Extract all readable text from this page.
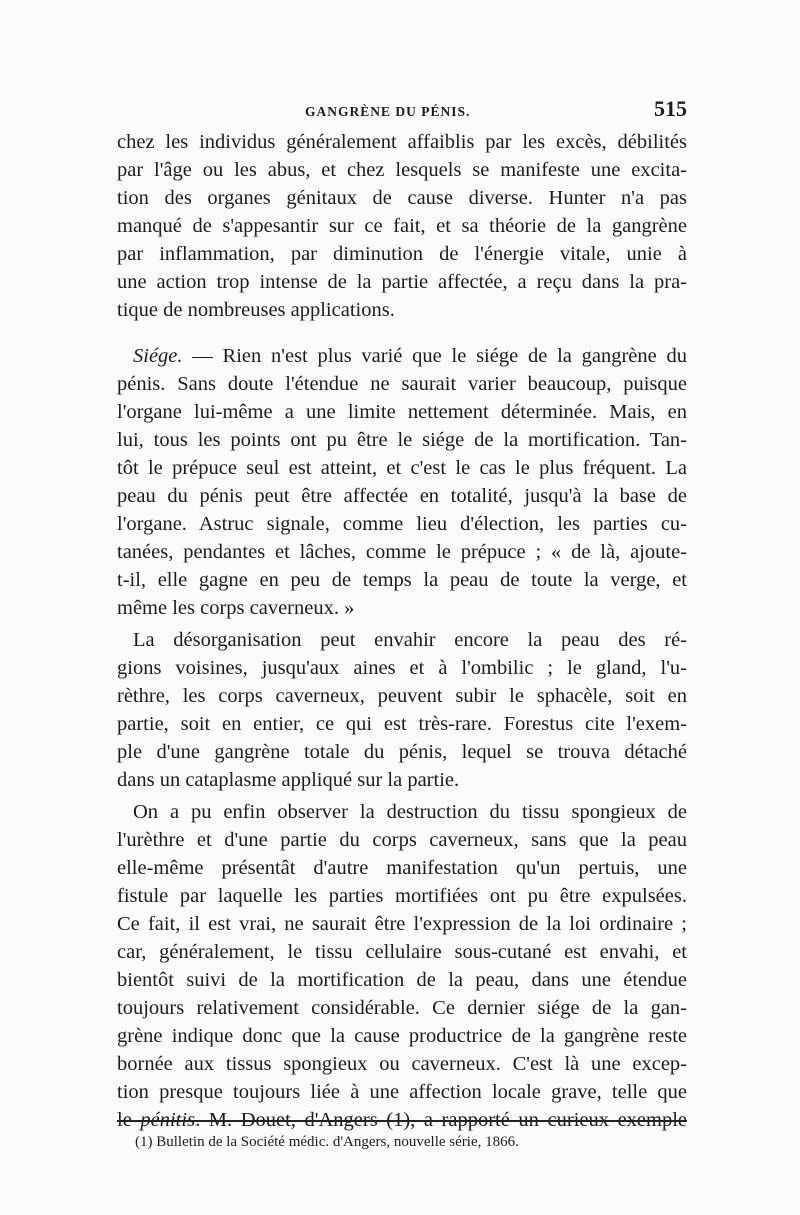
GANGRÈNE DU PÉNIS.	515
chez les individus généralement affaiblis par les excès, débilités
par l'âge ou les abus, et chez lesquels se manifeste une excita-
tion des organes génitaux de cause diverse. Hunter n'a pas
manqué de s'appesantir sur ce fait, et sa théorie de la gangrène
par inflammation, par diminution de l'énergie vitale, unie à
une action trop intense de la partie affectée, a reçu dans la pra-
tique de nombreuses applications.
Siége. — Rien n'est plus varié que le siége de la gangrène du
pénis. Sans doute l'étendue ne saurait varier beaucoup, puisque
l'organe lui-même a une limite nettement déterminée. Mais, en
lui, tous les points ont pu être le siége de la mortification. Tan-
tôt le prépuce seul est atteint, et c'est le cas le plus fréquent. La
peau du pénis peut être affectée en totalité, jusqu'à la base de
l'organe. Astruc signale, comme lieu d'élection, les parties cu-
tanées, pendantes et lâches, comme le prépuce ; « de là, ajoute-
t-il, elle gagne en peu de temps la peau de toute la verge, et
même les corps caverneux. »
La désorganisation peut envahir encore la peau des ré-
gions voisines, jusqu'aux aines et à l'ombilic ; le gland, l'u-
rèthre, les corps caverneux, peuvent subir le sphacèle, soit en
partie, soit en entier, ce qui est très-rare. Forestus cite l'exem-
ple d'une gangrène totale du pénis, lequel se trouva détaché
dans un cataplasme appliqué sur la partie.
On a pu enfin observer la destruction du tissu spongieux de
l'urèthre et d'une partie du corps caverneux, sans que la peau
elle-même présentât d'autre manifestation qu'un pertuis, une
fistule par laquelle les parties mortifiées ont pu être expulsées.
Ce fait, il est vrai, ne saurait être l'expression de la loi ordinaire ;
car, généralement, le tissu cellulaire sous-cutané est envahi, et
bientôt suivi de la mortification de la peau, dans une étendue
toujours relativement considérable. Ce dernier siége de la gan-
grène indique donc que la cause productrice de la gangrène reste
bornée aux tissus spongieux ou caverneux. C'est là une excep-
tion presque toujours liée à une affection locale grave, telle que
le pénitis. M. Douet, d'Angers (1), a rapporté un curieux exemple
(1) Bulletin de la Société médic. d'Angers, nouvelle série, 1866.
